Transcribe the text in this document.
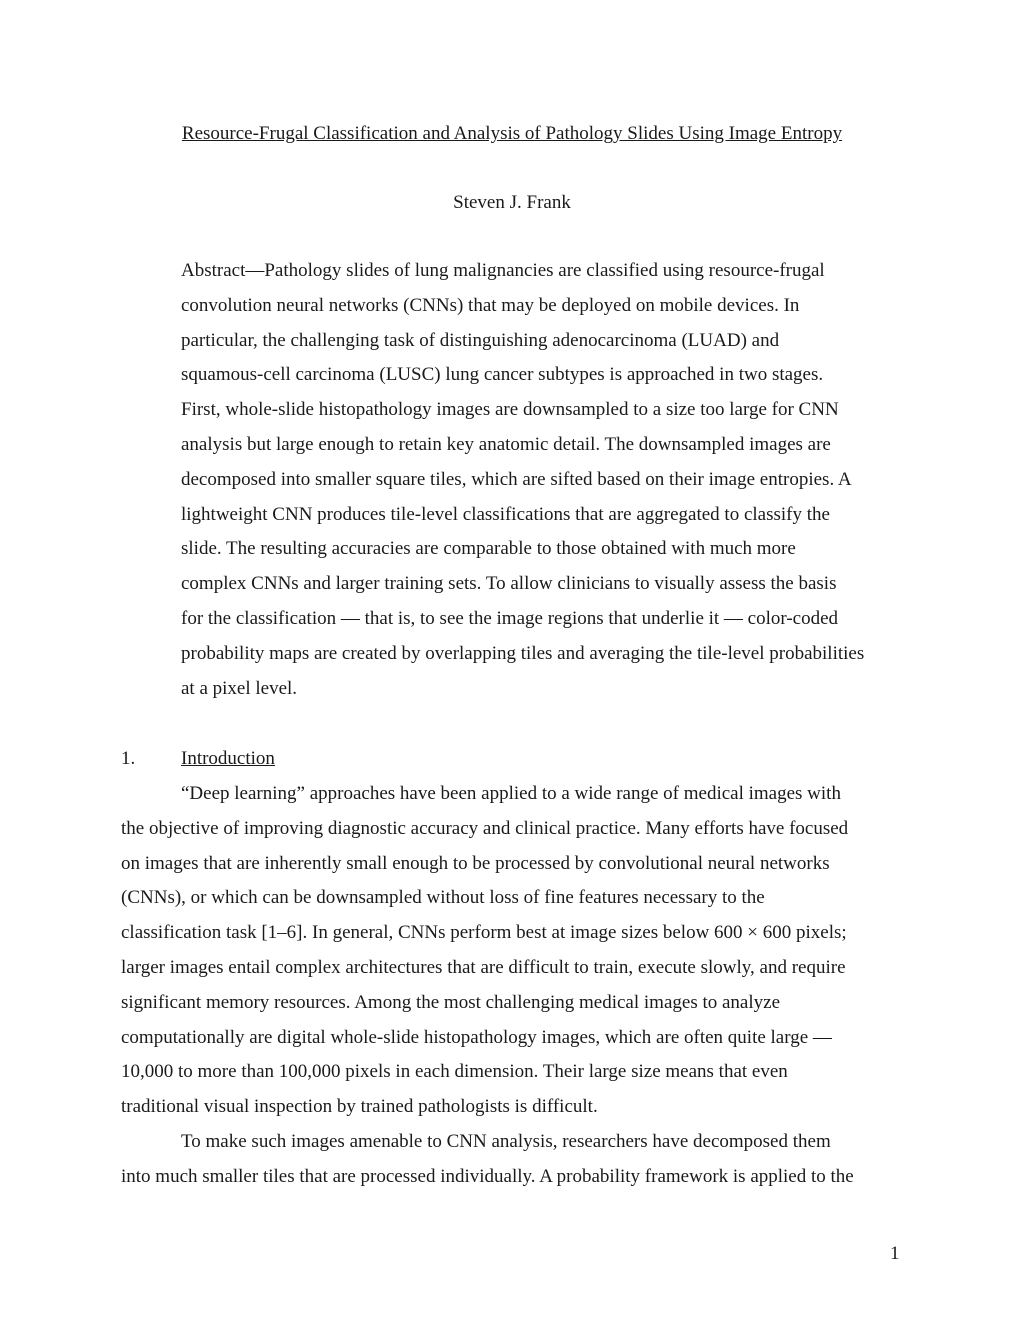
Resource-Frugal Classification and Analysis of Pathology Slides Using Image Entropy
Steven J. Frank
Abstract—Pathology slides of lung malignancies are classified using resource-frugal
convolution neural networks (CNNs) that may be deployed on mobile devices. In
particular, the challenging task of distinguishing adenocarcinoma (LUAD) and
squamous-cell carcinoma (LUSC) lung cancer subtypes is approached in two stages.
First, whole-slide histopathology images are downsampled to a size too large for CNN
analysis but large enough to retain key anatomic detail. The downsampled images are
decomposed into smaller square tiles, which are sifted based on their image entropies. A
lightweight CNN produces tile-level classifications that are aggregated to classify the
slide. The resulting accuracies are comparable to those obtained with much more
complex CNNs and larger training sets. To allow clinicians to visually assess the basis
for the classification — that is, to see the image regions that underlie it — color-coded
probability maps are created by overlapping tiles and averaging the tile-level probabilities
at a pixel level.
1. Introduction
“Deep learning” approaches have been applied to a wide range of medical images with
the objective of improving diagnostic accuracy and clinical practice. Many efforts have focused
on images that are inherently small enough to be processed by convolutional neural networks
(CNNs), or which can be downsampled without loss of fine features necessary to the
classification task [1–6]. In general, CNNs perform best at image sizes below 600 × 600 pixels;
larger images entail complex architectures that are difficult to train, execute slowly, and require
significant memory resources. Among the most challenging medical images to analyze
computationally are digital whole-slide histopathology images, which are often quite large —
10,000 to more than 100,000 pixels in each dimension. Their large size means that even
traditional visual inspection by trained pathologists is difficult.
To make such images amenable to CNN analysis, researchers have decomposed them
into much smaller tiles that are processed individually. A probability framework is applied to the
1
